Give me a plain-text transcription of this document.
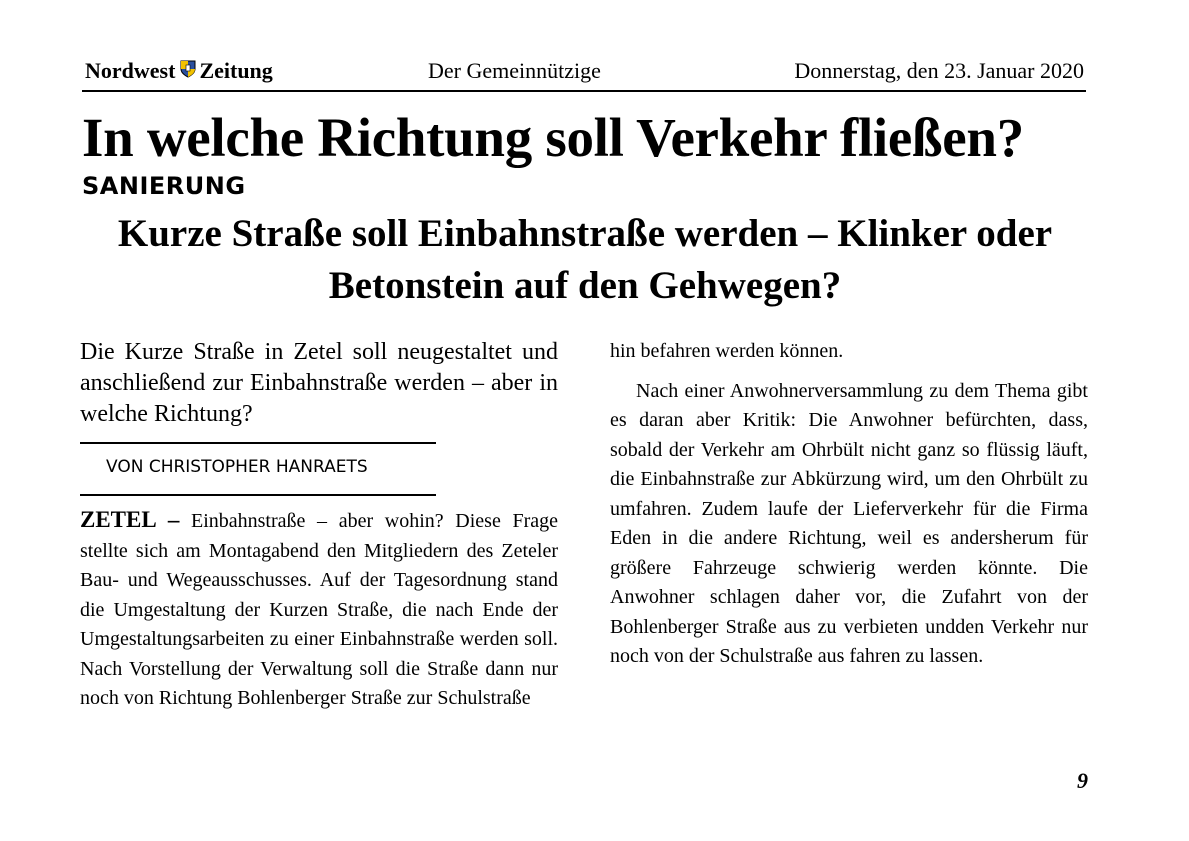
Nordwest Zeitung	Der Gemeinnützige	Donnerstag, den 23. Januar 2020
In welche Richtung soll Verkehr fließen?
SANIERUNG
Kurze Straße soll Einbahnstraße werden – Klinker oder Betonstein auf den Gehwegen?
Die Kurze Straße in Zetel soll neugestaltet und anschließend zur Einbahnstraße werden – aber in welche Richtung?
VON CHRISTOPHER HANRAETS

ZETEL – Einbahnstraße – aber wohin? Diese Frage stellte sich am Montagabend den Mitgliedern des Zeteler Bau- und Wegeausschusses. Auf der Tagesordnung stand die Umgestaltung der Kurzen Straße, die nach Ende der Umgestaltungsarbeiten zu einer Einbahnstraße werden soll. Nach Vorstellung der Verwaltung soll die Straße dann nur noch von Richtung Bohlenberger Straße zur Schulstraße

hin befahren werden können.

Nach einer Anwohnerversammlung zu dem Thema gibt es daran aber Kritik: Die Anwohner befürchten, dass, sobald der Verkehr am Ohrbült nicht ganz so flüssig läuft, die Einbahnstraße zur Abkürzung wird, um den Ohrbült zu umfahren. Zudem laufe der Lieferverkehr für die Firma Eden in die andere Richtung, weil es andersherum für größere Fahrzeuge schwierig werden könnte. Die Anwohner schlagen daher vor, die Zufahrt von der Bohlenberger Straße aus zu verbieten undden Verkehr nur noch von der Schulstraße aus fahren zu lassen.

9
